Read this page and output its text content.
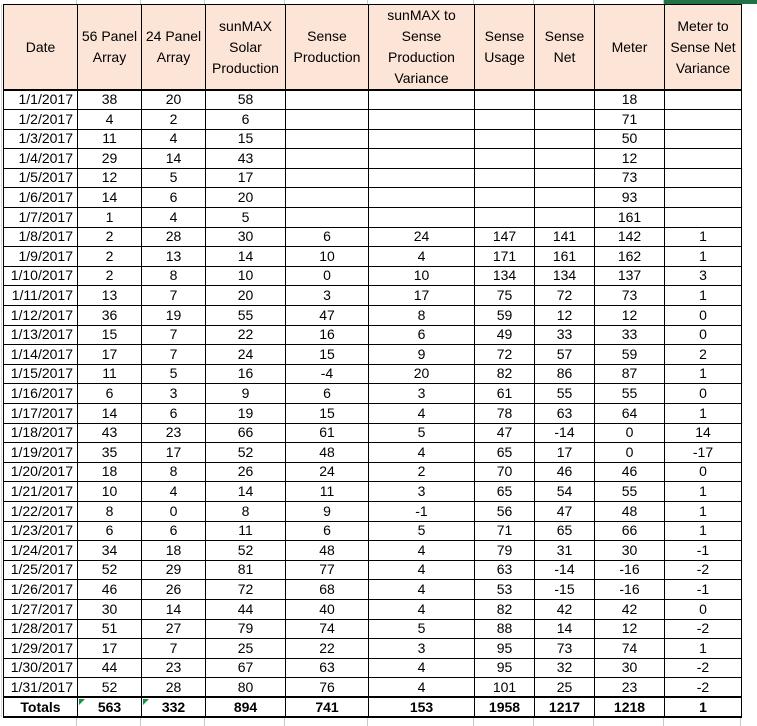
Date	56 Panel Array	24 Panel Array	sunMAX Solar Production	Sense Production	sunMAX to Sense Production Variance	Sense Usage	Sense Net	Meter	Meter to Sense Net Variance
1/1/2017	38	20	58					18	
1/2/2017	4	2	6					71	
1/3/2017	11	4	15					50	
1/4/2017	29	14	43					12	
1/5/2017	12	5	17					73	
1/6/2017	14	6	20					93	
1/7/2017	1	4	5					161	
1/8/2017	2	28	30	6	24	147	141	142	1
1/9/2017	2	13	14	10	4	171	161	162	1
1/10/2017	2	8	10	0	10	134	134	137	3
1/11/2017	13	7	20	3	17	75	72	73	1
1/12/2017	36	19	55	47	8	59	12	12	0
1/13/2017	15	7	22	16	6	49	33	33	0
1/14/2017	17	7	24	15	9	72	57	59	2
1/15/2017	11	5	16	-4	20	82	86	87	1
1/16/2017	6	3	9	6	3	61	55	55	0
1/17/2017	14	6	19	15	4	78	63	64	1
1/18/2017	43	23	66	61	5	47	-14	0	14
1/19/2017	35	17	52	48	4	65	17	0	-17
1/20/2017	18	8	26	24	2	70	46	46	0
1/21/2017	10	4	14	11	3	65	54	55	1
1/22/2017	8	0	8	9	-1	56	47	48	1
1/23/2017	6	6	11	6	5	71	65	66	1
1/24/2017	34	18	52	48	4	79	31	30	-1
1/25/2017	52	29	81	77	4	63	-14	-16	-2
1/26/2017	46	26	72	68	4	53	-15	-16	-1
1/27/2017	30	14	44	40	4	82	42	42	0
1/28/2017	51	27	79	74	5	88	14	12	-2
1/29/2017	17	7	25	22	3	95	73	74	1
1/30/2017	44	23	67	63	4	95	32	30	-2
1/31/2017	52	28	80	76	4	101	25	23	-2
Totals	563	332	894	741	153	1958	1217	1218	1
